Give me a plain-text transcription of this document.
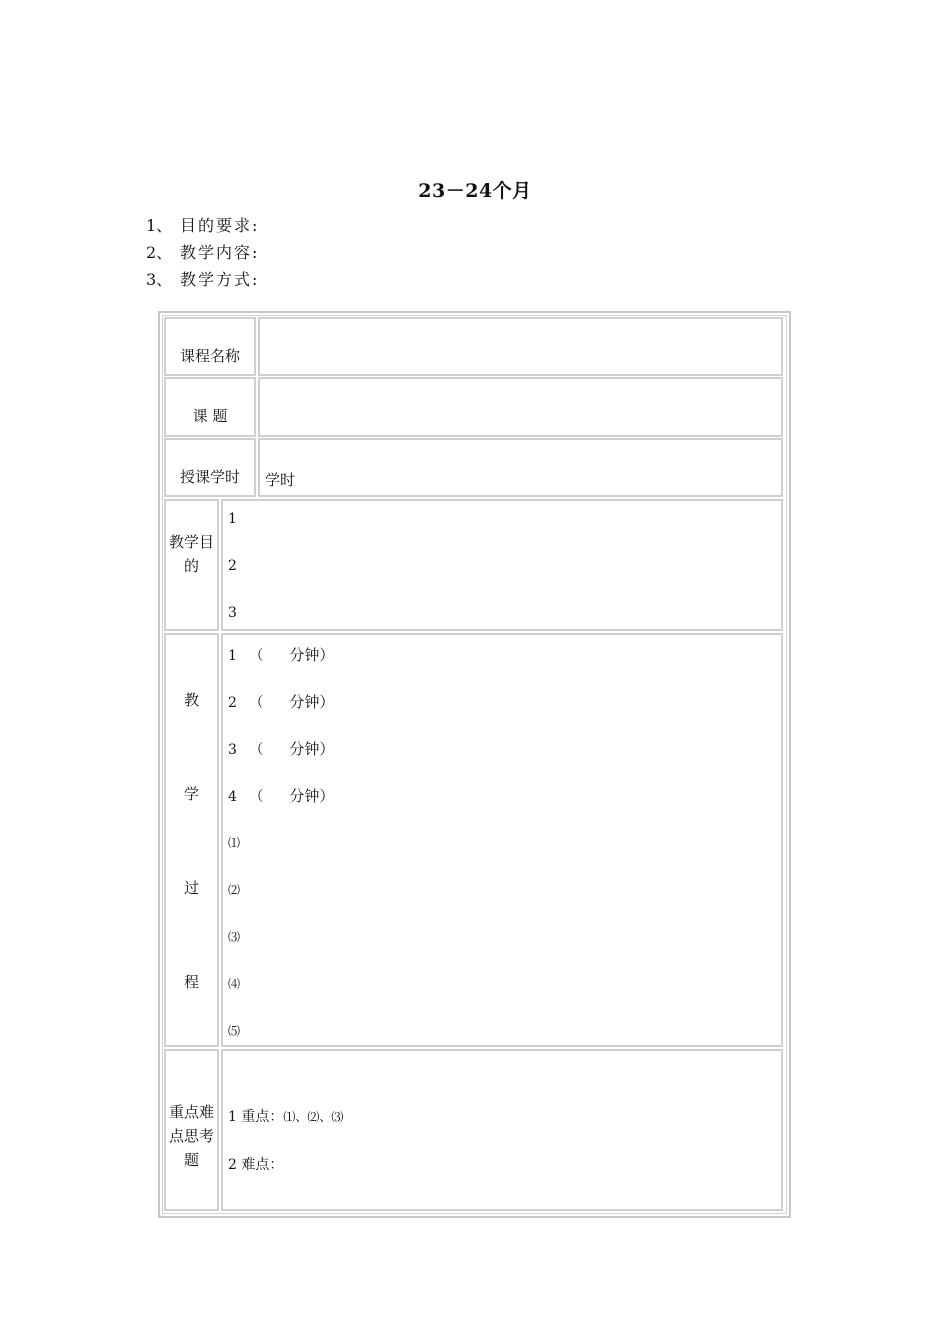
23－24个月
1、 目的要求:
2、 教学内容:
3、 教学方式:
课程名称
课 题
授课学时	学时
教学目的
1
2
3
教
学
过
程
1 （ 分钟）
2 （ 分钟）
3 （ 分钟）
4 （ 分钟）
⑴
⑵
⑶
⑷
⑸
重点难点思考题
1 重点：⑴、⑵、⑶
2 难点：
